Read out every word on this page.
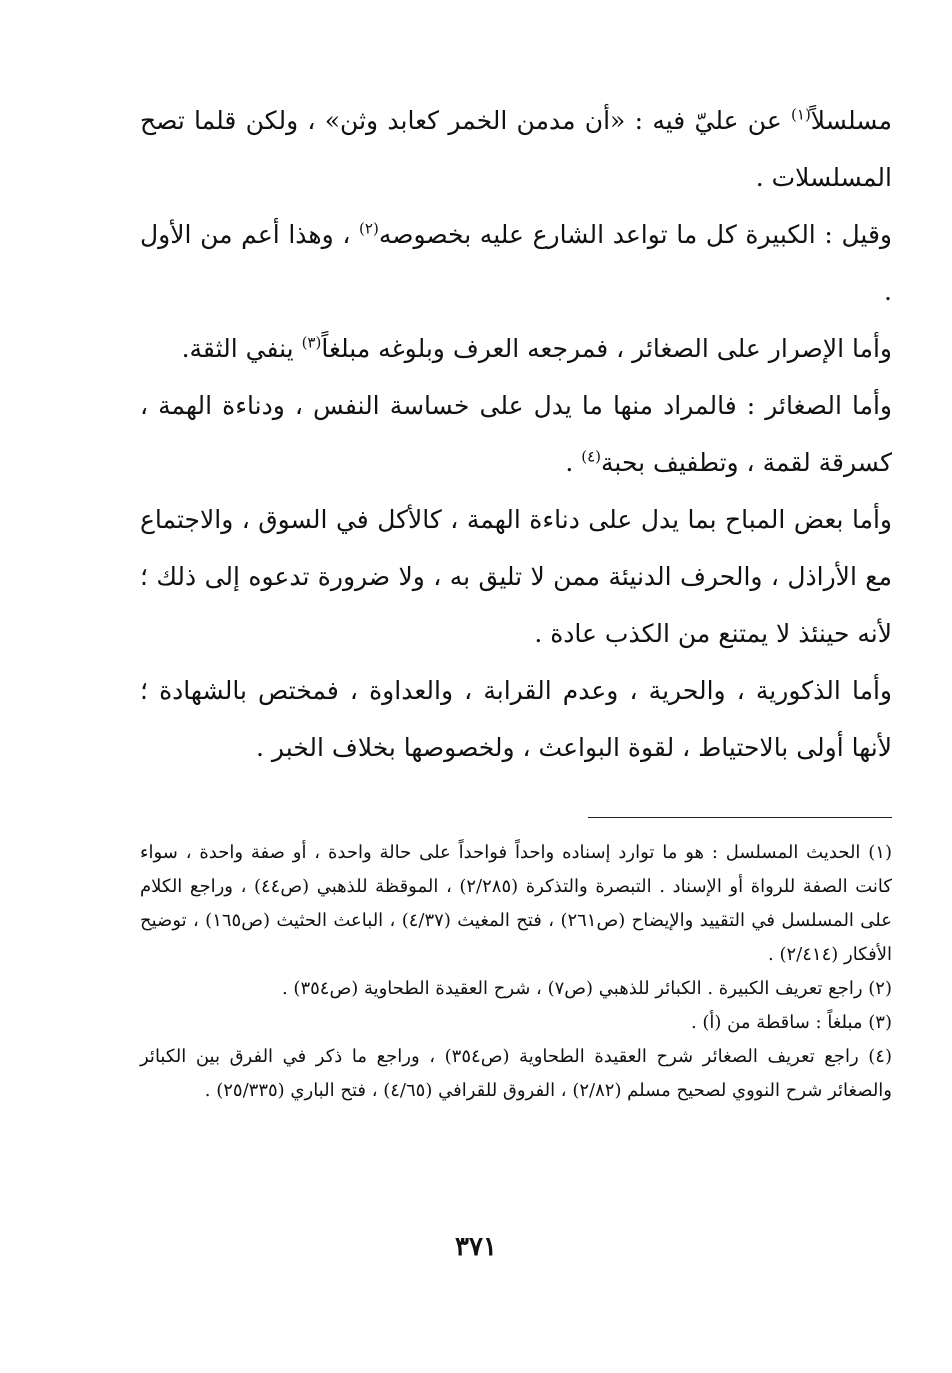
مسلسلاً$^{(١)}$ عن عليّ فيه : «أن مدمن الخمر كعابد وثن» ، ولكن قلما تصح المسلسلات .

وقيل : الكبيرة كل ما تواعد الشارع عليه بخصوصه$^{(٢)}$ ، وهذا أعم من الأول .

وأما الإصرار على الصغائر ، فمرجعه العرف وبلوغه مبلغاً$^{(٣)}$ ينفي الثقة.

وأما الصغائر : فالمراد منها ما يدل على خساسة النفس ، ودناءة الهمة ، كسرقة لقمة ، وتطفيف بحبة$^{(٤)}$ .

وأما بعض المباح بما يدل على دناءة الهمة ، كالأكل في السوق ، والاجتماع مع الأراذل ، والحرف الدنيئة ممن لا تليق به ، ولا ضرورة تدعوه إلى ذلك ؛ لأنه حينئذ لا يمتنع من الكذب عادة .

وأما الذكورية ، والحرية ، وعدم القرابة ، والعداوة ، فمختص بالشهادة ؛ لأنها أولى بالاحتياط ، لقوة البواعث ، ولخصوصها بخلاف الخبر .

(١) الحديث المسلسل : هو ما توارد إسناده واحداً فواحداً على حالة واحدة ، أو صفة واحدة ، سواء كانت الصفة للرواة أو الإسناد . التبصرة والتذكرة (٢/٢٨٥) ، الموقظة للذهبي (ص٤٤) ، وراجع الكلام على المسلسل في التقييد والإيضاح (ص٢٦١) ، فتح المغيث (٤/٣٧) ، الباعث الحثيث (ص١٦٥) ، توضيح الأفكار (٢/٤١٤) .

(٢) راجع تعريف الكبيرة . الكبائر للذهبي (ص٧) ، شرح العقيدة الطحاوية (ص٣٥٤) .

(٣) مبلغاً : ساقطة من (أ) .

(٤) راجع تعريف الصغائر شرح العقيدة الطحاوية (ص٣٥٤) ، وراجع ما ذكر في الفرق بين الكبائر والصغائر شرح النووي لصحيح مسلم (٢/٨٢) ، الفروق للقرافي (٤/٦٥) ، فتح الباري (٢٥/٣٣٥) .

٣٧١
